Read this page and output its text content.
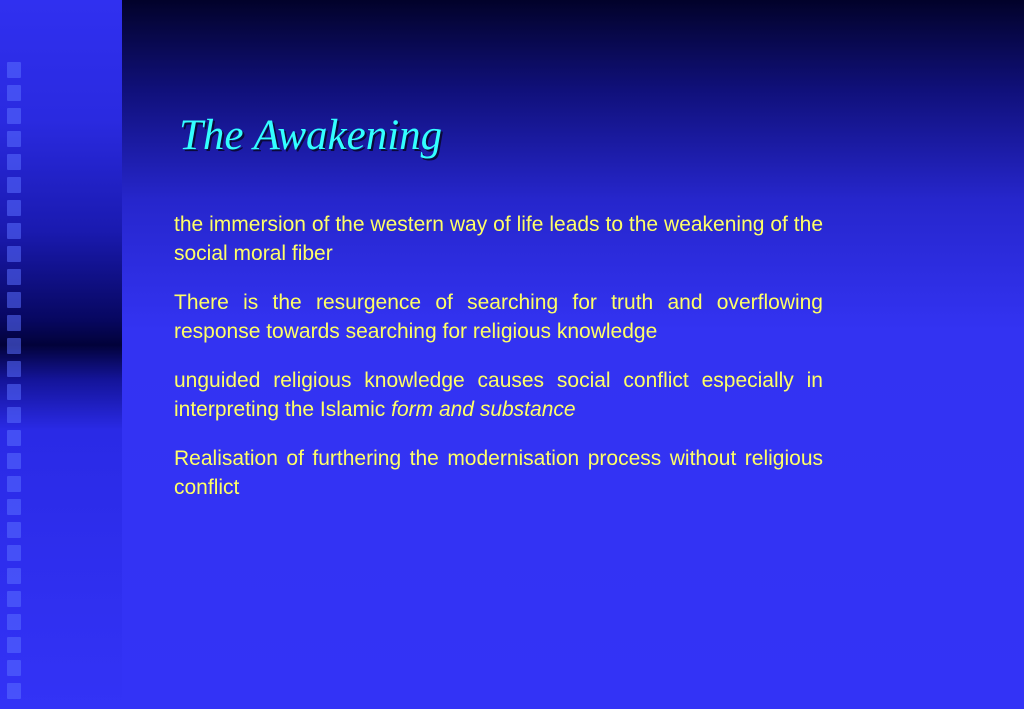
The Awakening

the immersion of the western way of life leads to the weakening of the social moral fiber

There is the resurgence of searching for truth and overflowing response towards searching for religious knowledge

unguided religious knowledge causes social conflict especially in interpreting the Islamic form and substance

Realisation of furthering the modernisation process without religious conflict
